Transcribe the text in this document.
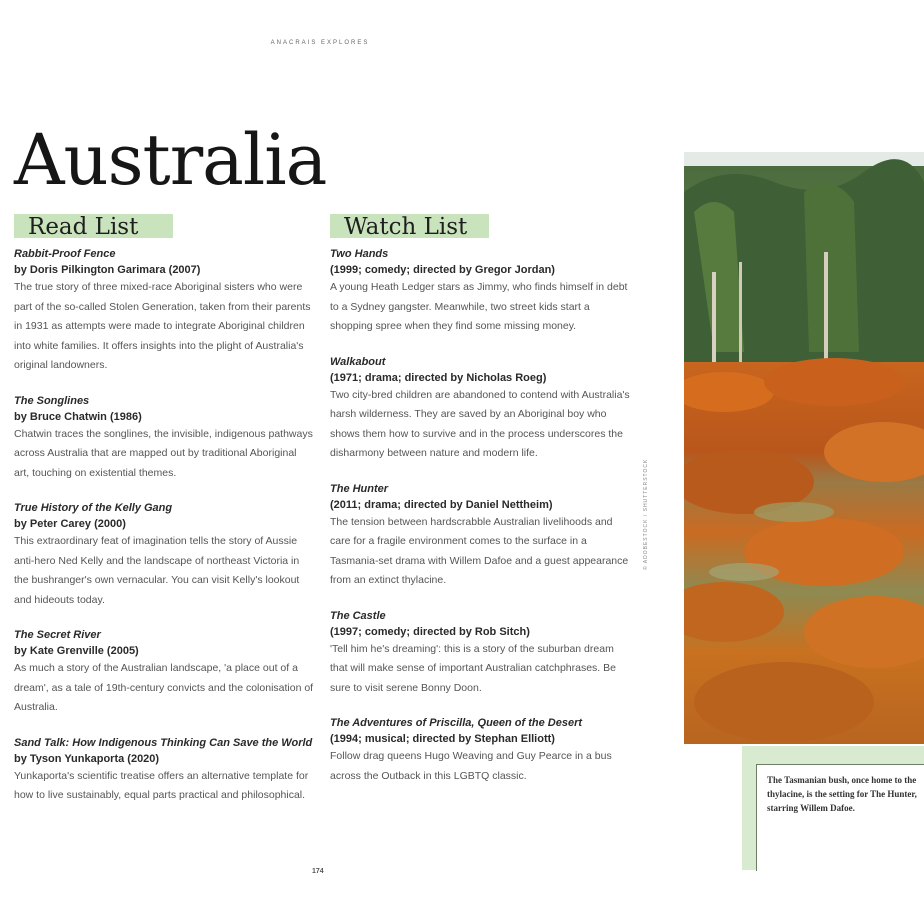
ANACRAIS EXPLORES
Australia
Read List
Rabbit-Proof Fence
by Doris Pilkington Garimara (2007)
The true story of three mixed-race Aboriginal sisters who were part of the so-called Stolen Generation, taken from their parents in 1931 as attempts were made to integrate Aboriginal children into white families. It offers insights into the plight of Australia's original landowners.
The Songlines
by Bruce Chatwin (1986)
Chatwin traces the songlines, the invisible, indigenous pathways across Australia that are mapped out by traditional Aboriginal art, touching on existential themes.
True History of the Kelly Gang
by Peter Carey (2000)
This extraordinary feat of imagination tells the story of Aussie anti-hero Ned Kelly and the landscape of northeast Victoria in the bushranger's own vernacular. You can visit Kelly's lookout and hideouts today.
The Secret River
by Kate Grenville (2005)
As much a story of the Australian landscape, 'a place out of a dream', as a tale of 19th-century convicts and the colonisation of Australia.
Sand Talk: How Indigenous Thinking Can Save the World
by Tyson Yunkaporta (2020)
Yunkaporta's scientific treatise offers an alternative template for how to live sustainably, equal parts practical and philosophical.
Watch List
Two Hands
(1999; comedy; directed by Gregor Jordan)
A young Heath Ledger stars as Jimmy, who finds himself in debt to a Sydney gangster. Meanwhile, two street kids start a shopping spree when they find some missing money.
Walkabout
(1971; drama; directed by Nicholas Roeg)
Two city-bred children are abandoned to contend with Australia's harsh wilderness. They are saved by an Aboriginal boy who shows them how to survive and in the process underscores the disharmony between nature and modern life.
The Hunter
(2011; drama; directed by Daniel Nettheim)
The tension between hardscrabble Australian livelihoods and care for a fragile environment comes to the surface in a Tasmania-set drama with Willem Dafoe and a guest appearance from an extinct thylacine.
The Castle
(1997; comedy; directed by Rob Sitch)
'Tell him he's dreaming': this is a story of the suburban dream that will make sense of important Australian catchphrases. Be sure to visit serene Bonny Doon.
The Adventures of Priscilla, Queen of the Desert
(1994; musical; directed by Stephan Elliott)
Follow drag queens Hugo Weaving and Guy Pearce in a bus across the Outback in this LGBTQ classic.
© ADOBESTOCK / SHUTTERSTOCK
The Tasmanian bush, once home to the thylacine, is the setting for The Hunter, starring Willem Dafoe.
174
